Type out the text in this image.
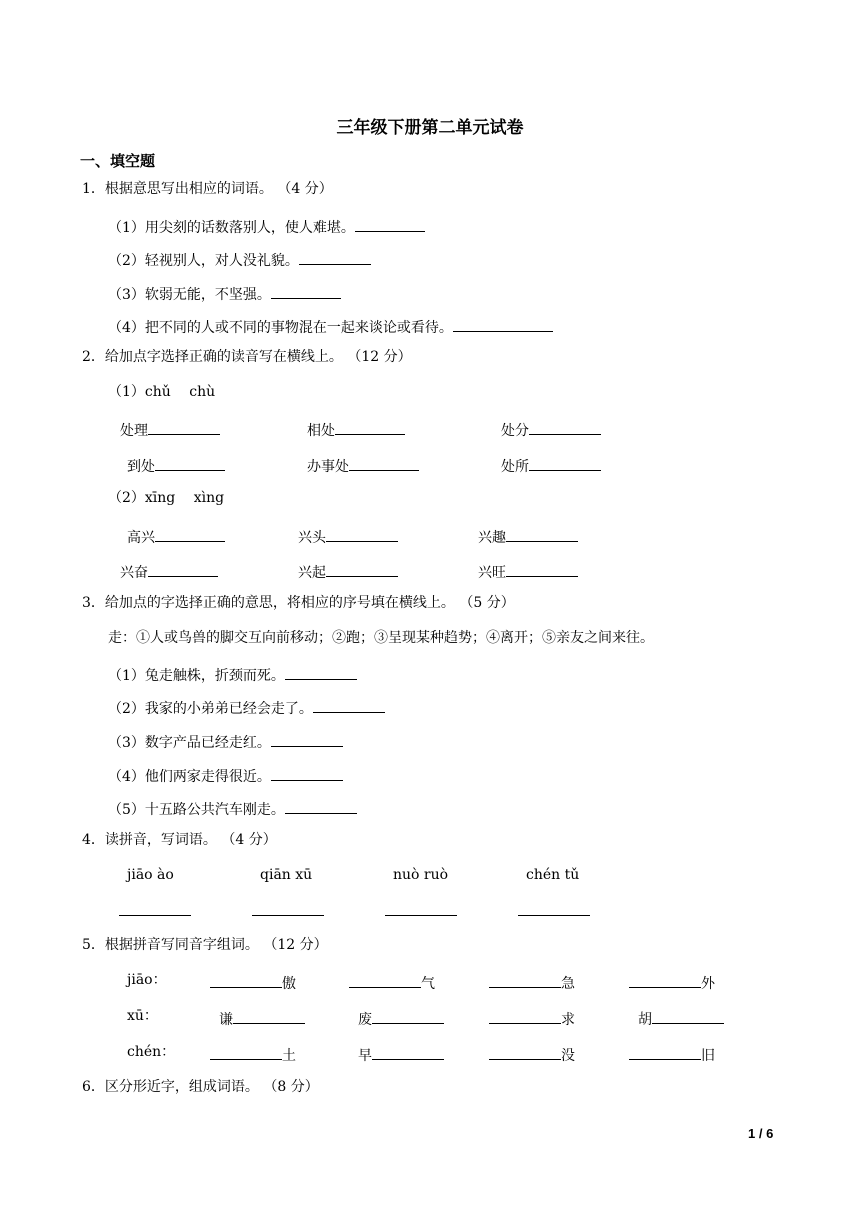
三年级下册第二单元试卷
一、填空题
1．根据意思写出相应的词语。 （4 分）
（1）用尖刻的话数落别人，使人难堪。
（2）轻视别人，对人没礼貌。
（3）软弱无能，不坚强。
（4）把不同的人或不同的事物混在一起来谈论或看待。
2．给加点字选择正确的读音写在横线上。 （12 分）
（1）chǔ　 chù
处理	相处	处分
到处	办事处	处所
（2）xīng　 xìng
高兴	兴头	兴趣
兴奋	兴起	兴旺
3．给加点的字选择正确的意思，将相应的序号填在横线上。 （5 分）
走：①人或鸟兽的脚交互向前移动；②跑；③呈现某种趋势；④离开；⑤亲友之间来往。
（1）兔走触株，折颈而死。
（2）我家的小弟弟已经会走了。
（3）数字产品已经走红。
（4）他们两家走得很近。
（5）十五路公共汽车刚走。
4．读拼音，写词语。 （4 分）
jiāo ào	qiān xū	nuò ruò	chén tǔ
5．根据拼音写同音字组词。 （12 分）
jiāo：	傲	气	急	外
xū：	谦	废	求	胡
chén：	土	早	没	旧
6．区分形近字，组成词语。 （8 分）
1 / 6
